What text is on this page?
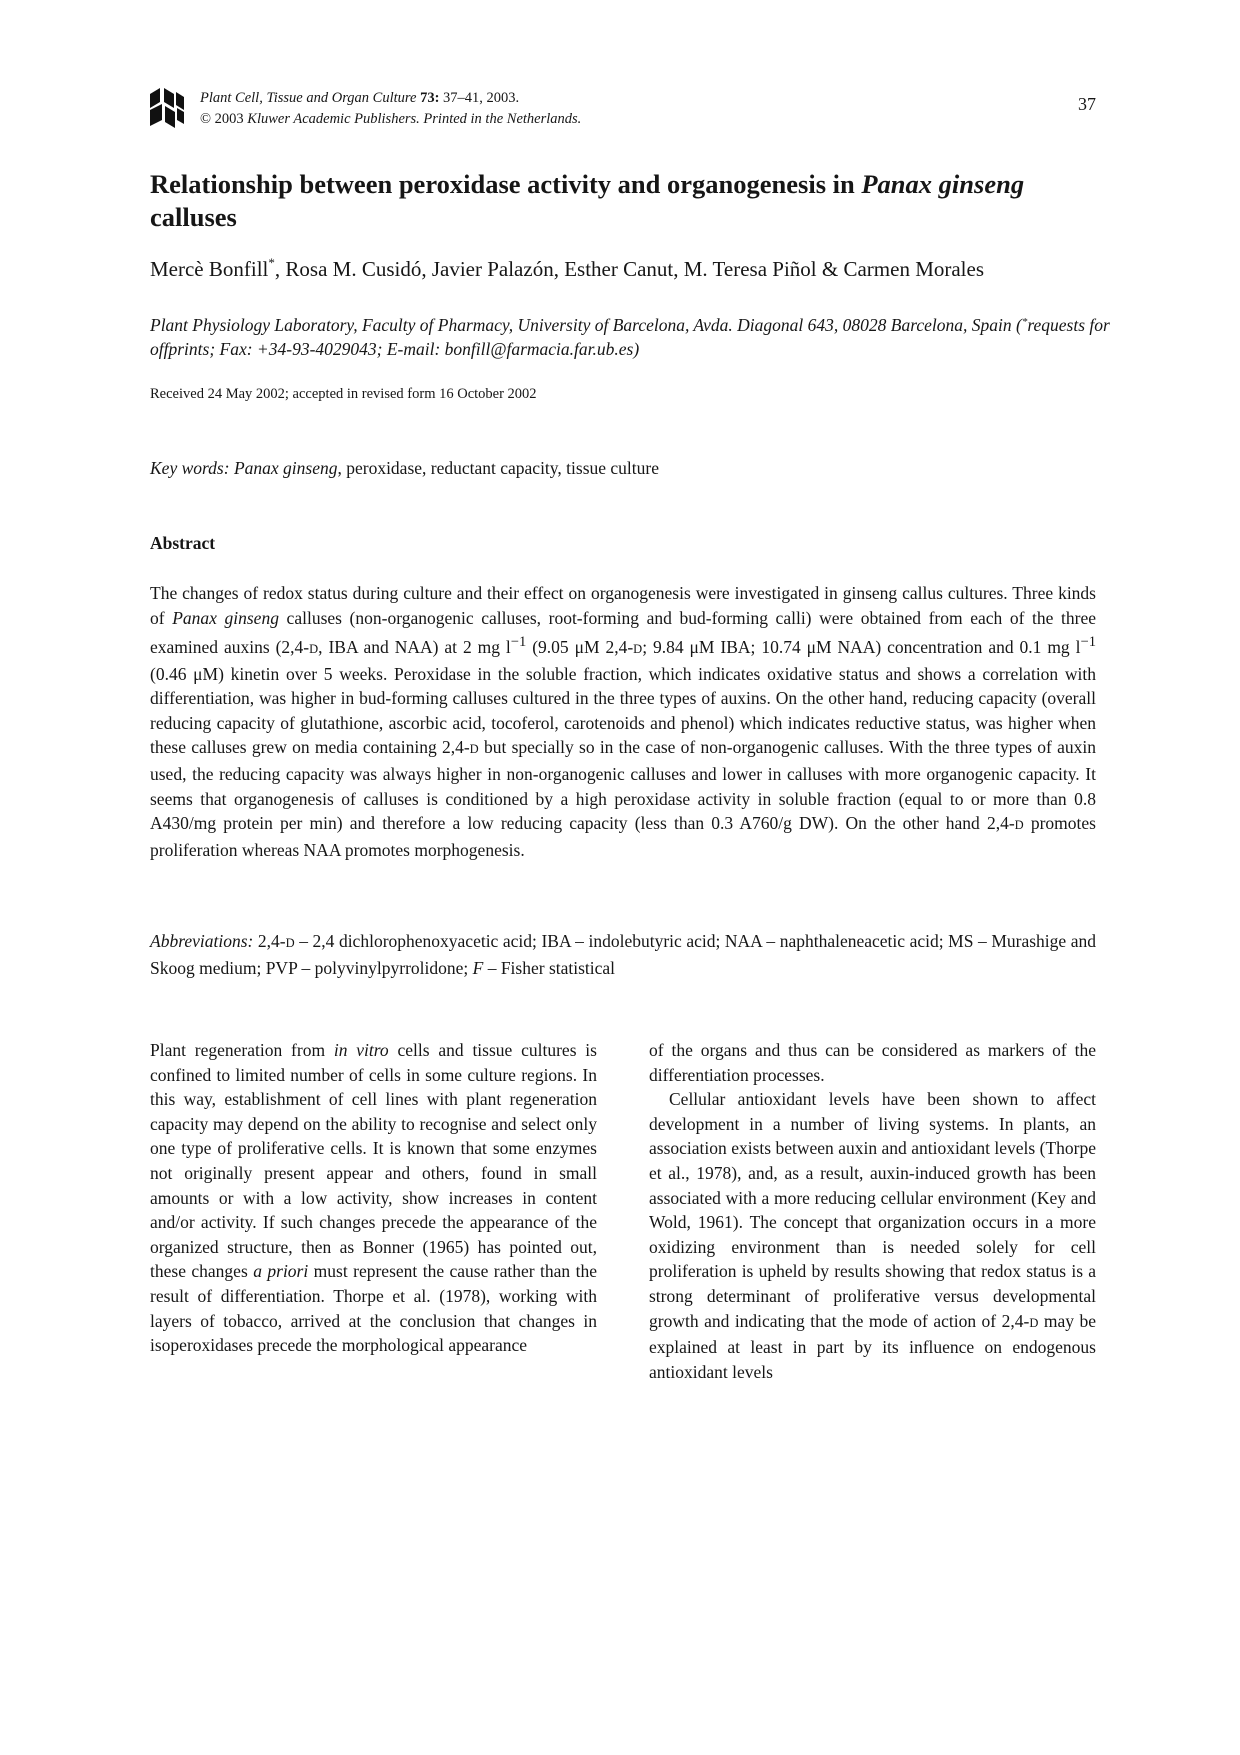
Plant Cell, Tissue and Organ Culture 73: 37–41, 2003.
© 2003 Kluwer Academic Publishers. Printed in the Netherlands.
37
Relationship between peroxidase activity and organogenesis in Panax ginseng calluses
Mercè Bonfill*, Rosa M. Cusidó, Javier Palazón, Esther Canut, M. Teresa Piñol & Carmen Morales
Plant Physiology Laboratory, Faculty of Pharmacy, University of Barcelona, Avda. Diagonal 643, 08028 Barcelona, Spain (*requests for offprints; Fax: +34-93-4029043; E-mail: bonfill@farmacia.far.ub.es)
Received 24 May 2002; accepted in revised form 16 October 2002
Key words: Panax ginseng, peroxidase, reductant capacity, tissue culture
Abstract

The changes of redox status during culture and their effect on organogenesis were investigated in ginseng callus cultures. Three kinds of Panax ginseng calluses (non-organogenic calluses, root-forming and bud-forming calli) were obtained from each of the three examined auxins (2,4-D, IBA and NAA) at 2 mg $l^{-1}$ (9.05 μM 2,4-D; 9.84 μM IBA; 10.74 μM NAA) concentration and 0.1 mg $l^{-1}$ (0.46 μM) kinetin over 5 weeks. Peroxidase in the soluble fraction, which indicates oxidative status and shows a correlation with differentiation, was higher in bud-forming calluses cultured in the three types of auxins. On the other hand, reducing capacity (overall reducing capacity of glutathione, ascorbic acid, tocoferol, carotenoids and phenol) which indicates reductive status, was higher when these calluses grew on media containing 2,4-D but specially so in the case of non-organogenic calluses. With the three types of auxin used, the reducing capacity was always higher in non-organogenic calluses and lower in calluses with more organogenic capacity. It seems that organogenesis of calluses is conditioned by a high peroxidase activity in soluble fraction (equal to or more than 0.8 A430/mg protein per min) and therefore a low reducing capacity (less than 0.3 A760/g DW). On the other hand 2,4-D promotes proliferation whereas NAA promotes morphogenesis.

Abbreviations: 2,4-D – 2,4 dichlorophenoxyacetic acid; IBA – indolebutyric acid; NAA – naphthaleneacetic acid; MS – Murashige and Skoog medium; PVP – polyvinylpyrrolidone; F – Fisher statistical

Plant regeneration from in vitro cells and tissue cultures is confined to limited number of cells in some culture regions. In this way, establishment of cell lines with plant regeneration capacity may depend on the ability to recognise and select only one type of proliferative cells. It is known that some enzymes not originally present appear and others, found in small amounts or with a low activity, show increases in content and/or activity. If such changes precede the appearance of the organized structure, then as Bonner (1965) has pointed out, these changes a priori must represent the cause rather than the result of differentiation. Thorpe et al. (1978), working with layers of tobacco, arrived at the conclusion that changes in isoperoxidases precede the morphological appearance

of the organs and thus can be considered as markers of the differentiation processes.

Cellular antioxidant levels have been shown to affect development in a number of living systems. In plants, an association exists between auxin and antioxidant levels (Thorpe et al., 1978), and, as a result, auxin-induced growth has been associated with a more reducing cellular environment (Key and Wold, 1961). The concept that organization occurs in a more oxidizing environment than is needed solely for cell proliferation is upheld by results showing that redox status is a strong determinant of proliferative versus developmental growth and indicating that the mode of action of 2,4-D may be explained at least in part by its influence on endogenous antioxidant levels
